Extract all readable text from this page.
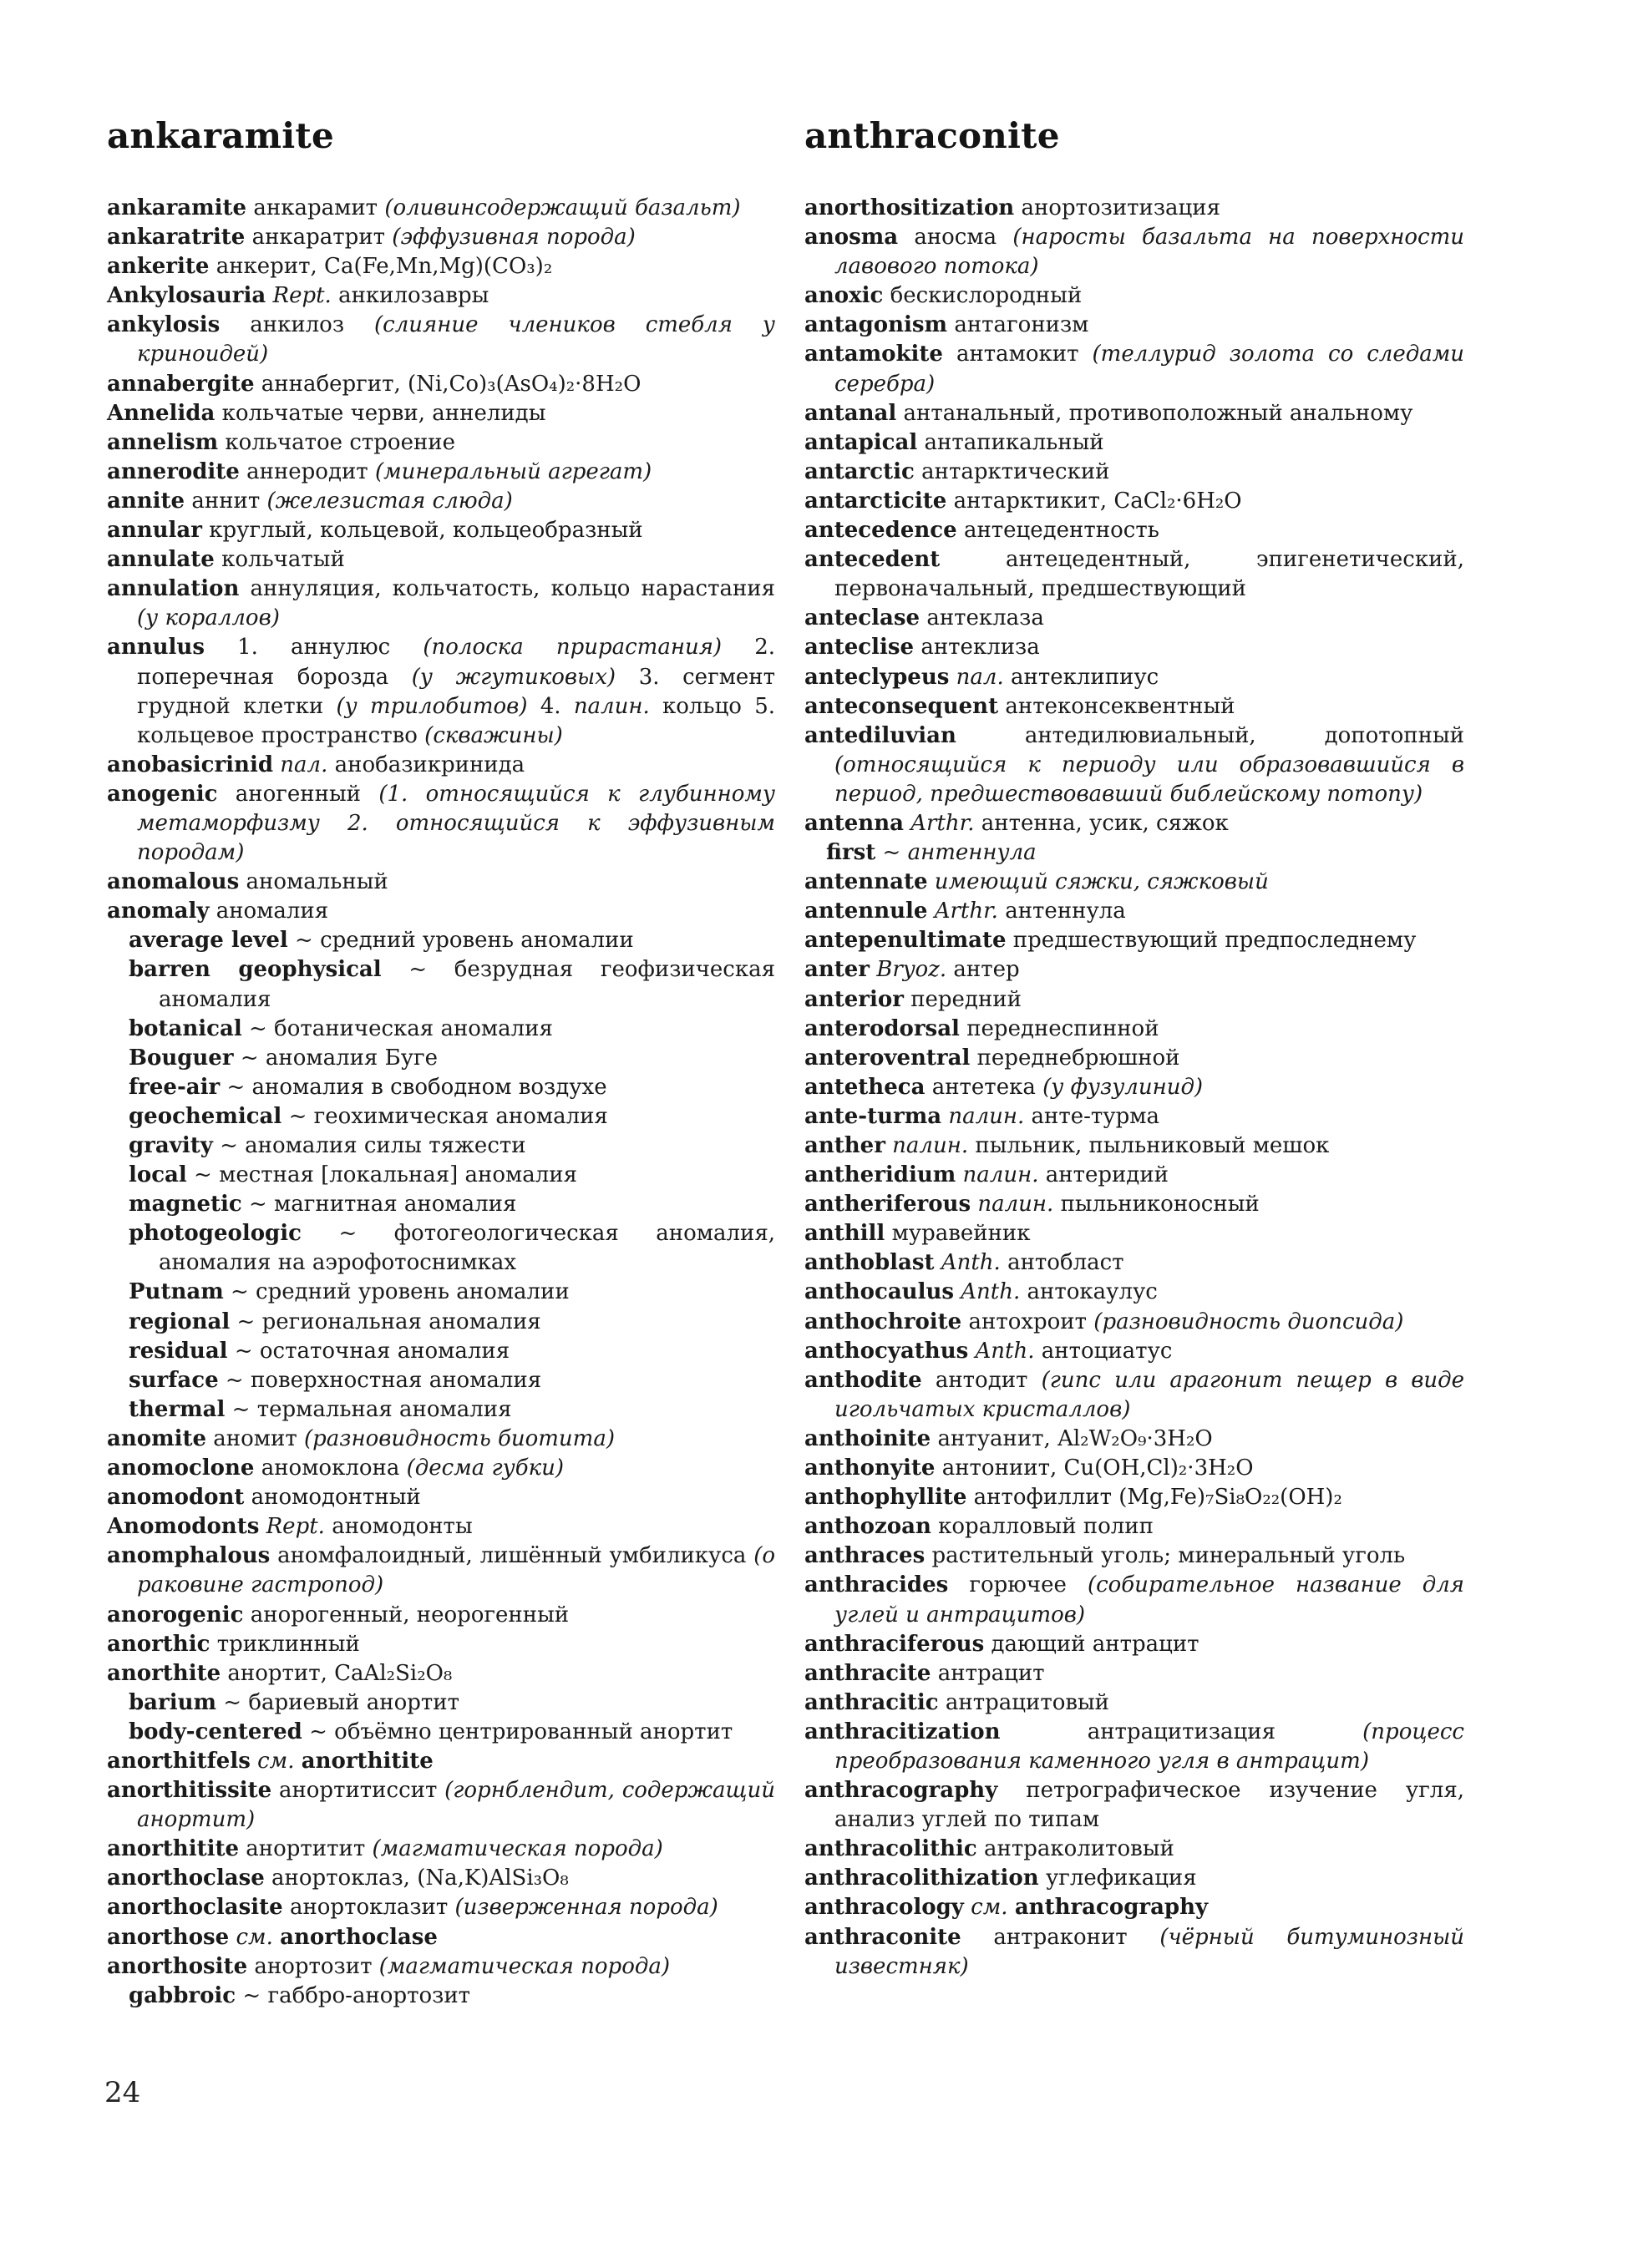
ankaramite	anthraconite
ankaramite анкарамит (оливинсодержащий базальт)
ankaratrite анкаратрит (эффузивная порода)
ankerite анкерит, Ca(Fe,Mn,Mg)(CO₃)₂
Ankylosauria Rept. анкилозавры
ankylosis анкилоз (слияние члеников стебля у криноидей)
annabergite аннабергит, (Ni,Co)₃(AsO₄)₂·8H₂O
Annelida кольчатые черви, аннелиды
annelism кольчатое строение
annerodite аннеродит (минеральный агрегат)
annite аннит (железистая слюда)
annular круглый, кольцевой, кольцеобразный
annulate кольчатый
annulation аннуляция, кольчатость, кольцо нарастания (у кораллов)
annulus 1. аннулюс (полоска прирастания) 2. поперечная борозда (у жгутиковых) 3. сегмент грудной клетки (у трилобитов) 4. палин. кольцо 5. кольцевое пространство (скважины)
anobasicrinid пал. анобазикринида
anogenic аногенный (1. относящийся к глубинному метаморфизму 2. относящийся к эффузивным породам)
anomalous аномальный
anomaly аномалия
average level ~ средний уровень аномалии
barren geophysical ~ безрудная геофизическая аномалия
botanical ~ ботаническая аномалия
Bouguer ~ аномалия Буге
free-air ~ аномалия в свободном воздухе
geochemical ~ геохимическая аномалия
gravity ~ аномалия силы тяжести
local ~ местная [локальная] аномалия
magnetic ~ магнитная аномалия
photogeologic ~ фотогеологическая аномалия, аномалия на аэрофотоснимках
Putnam ~ средний уровень аномалии
regional ~ региональная аномалия
residual ~ остаточная аномалия
surface ~ поверхностная аномалия
thermal ~ термальная аномалия
anomite аномит (разновидность биотита)
anomoclone аномоклона (десма губки)
anomodont аномодонтный
Anomodonts Rept. аномодонты
anomphalous аномфалоидный, лишённый умбиликуса (о раковине гастропод)
anorogenic анорогенный, неорогенный
anorthic триклинный
anorthite анортит, CaAl₂Si₂O₈
barium ~ бариевый анортит
body-centered ~ объёмно центрированный анортит
anorthitfels см. anorthitite
anorthitissite анортитиссит (горнблендит, содержащий анортит)
anorthitite анортитит (магматическая порода)
anorthoclase анортоклаз, (Na,K)AlSi₃O₈
anorthoclasite анортоклазит (изверженная порода)
anorthose см. anorthoclase
anorthosite анортозит (магматическая порода)
gabbroic ~ габбро-анортозит
anorthositization анортозитизация
anosma аносма (наросты базальта на поверхности лавового потока)
anoxic бескислородный
antagonism антагонизм
antamokite антамокит (теллурид золота со следами серебра)
antanal антанальный, противоположный анальному
antapical антапикальный
antarctic антарктический
antarcticite антарктикит, CaCl₂·6H₂O
antecedence антецедентность
antecedent	антецедентный, эпигенетический, первоначальный, предшествующий
anteclase антеклаза
anteclise антеклиза
anteclypeus пал. антеклипиус
anteconsequent антеконсеквентный
antediluvian	антедилювиальный, допотопный (относящийся к периоду или образовавшийся в период, предшествовавший библейскому потопу)
antenna Arthr. антенна, усик, сяжок
first ~ антеннула
antennate имеющий сяжки, сяжковый
antennule Arthr. антеннула
antepenultimate предшествующий предпоследнему
anter Bryoz. антер
anterior передний
anterodorsal переднеспинной
anteroventral переднебрюшной
antetheca антетека (у фузулинид)
ante-turma палин. анте-турма
anther палин. пыльник, пыльниковый мешок
antheridium палин. антеридий
antheriferous палин. пыльниконосный
anthill муравейник
anthoblast Anth. антобласт
anthocaulus Anth. антокаулус
anthochroite антохроит (разновидность диопсида)
anthocyathus Anth. антоциатус
anthodite антодит (гипс или арагонит пещер в виде игольчатых кристаллов)
anthoinite антуанит, Al₂W₂O₉·3H₂O
anthonyite антониит, Cu(OH,Cl)₂·3H₂O
anthophyllite антофиллит (Mg,Fe)₇Si₈O₂₂(OH)₂
anthozoan коралловый полип
anthraces растительный уголь; минеральный уголь
anthracides горючее (собирательное название для углей и антрацитов)
anthraciferous дающий антрацит
anthracite антрацит
anthracitic антрацитовый
anthracitization	антрацитизация	(процесс преобразования каменного угля в антрацит)
anthracography петрографическое изучение угля, анализ углей по типам
anthracolithic антраколитовый
anthracolithization углефикация
anthracology см. anthracography
anthraconite антраконит (чёрный битуминозный известняк)
24
